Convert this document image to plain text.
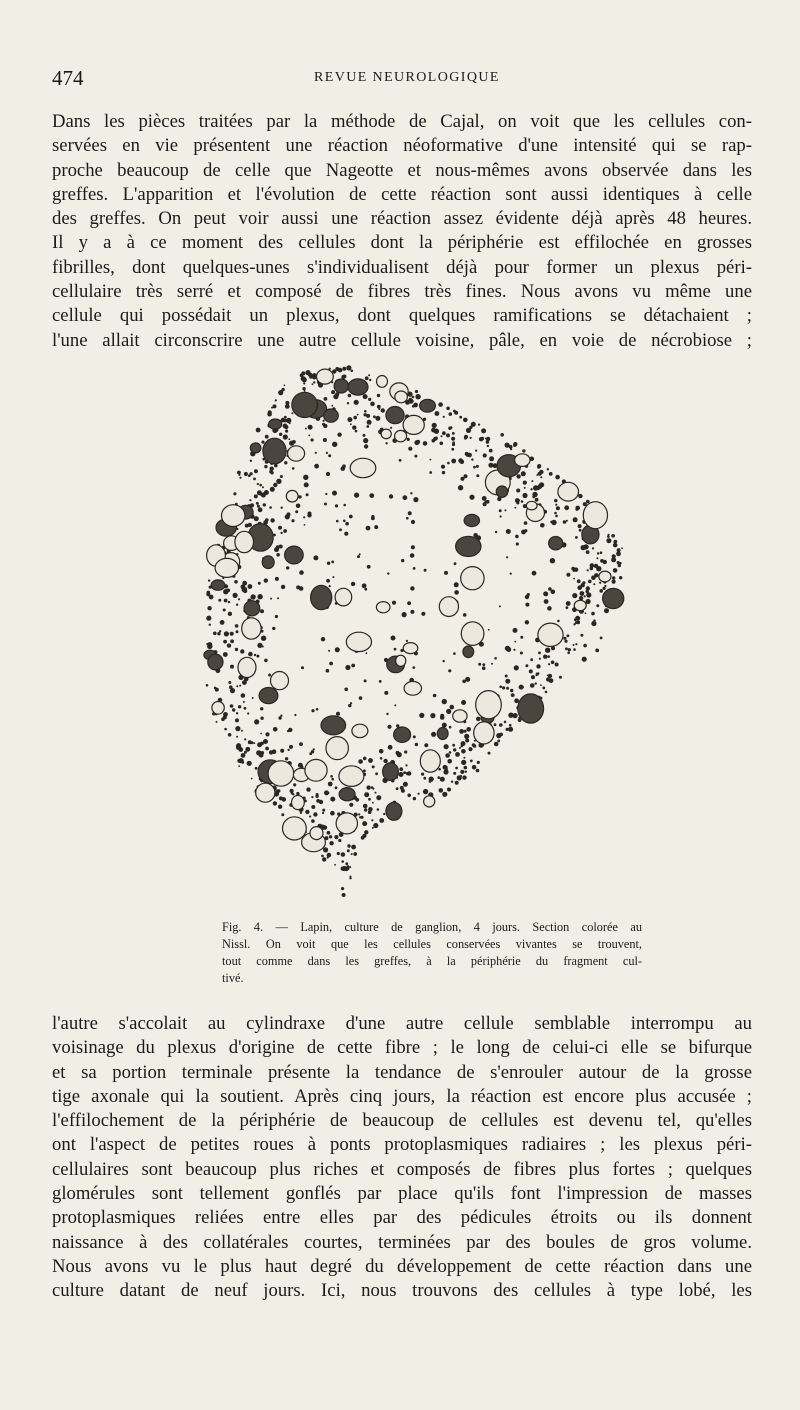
474	REVUE NEUROLOGIQUE
Dans les pièces traitées par la méthode de Cajal, on voit que les cellules con-
servées en vie présentent une réaction néoformative d'une intensité qui se rap-
proche beaucoup de celle que Nageotte et nous-mêmes avons observée dans les
greffes. L'apparition et l'évolution de cette réaction sont aussi identiques à celle
des greffes. On peut voir aussi une réaction assez évidente déjà après 48 heures.
Il y a à ce moment des cellules dont la périphérie est effilochée en grosses
fibrilles, dont quelques-unes s'individualisent déjà pour former un plexus péri-
cellulaire très serré et composé de fibres très fines. Nous avons vu même une
cellule qui possédait un plexus, dont quelques ramifications se détachaient ;
l'une allait circonscrire une autre cellule voisine, pâle, en voie de nécrobiose ;
Fig. 4. — Lapin, culture de ganglion, 4 jours. Section colorée au
Nissl. On voit que les cellules conservées vivantes se trouvent,
tout comme dans les greffes, à la périphérie du fragment cul-
tivé.
l'autre s'accolait au cylindraxe d'une autre cellule semblable interrompu au
voisinage du plexus d'origine de cette fibre ; le long de celui-ci elle se bifurque
et sa portion terminale présente la tendance de s'enrouler autour de la grosse
tige axonale qui la soutient. Après cinq jours, la réaction est encore plus accusée ;
l'effilochement de la périphérie de beaucoup de cellules est devenu tel, qu'elles
ont l'aspect de petites roues à ponts protoplasmiques radiaires ; les plexus péri-
cellulaires sont beaucoup plus riches et composés de fibres plus fortes ; quelques
glomérules sont tellement gonflés par place qu'ils font l'impression de masses
protoplasmiques reliées entre elles par des pédicules étroits ou ils donnent
naissance à des collatérales courtes, terminées par des boules de gros volume.
Nous avons vu le plus haut degré du développement de cette réaction dans une
culture datant de neuf jours. Ici, nous trouvons des cellules à type lobé, les
